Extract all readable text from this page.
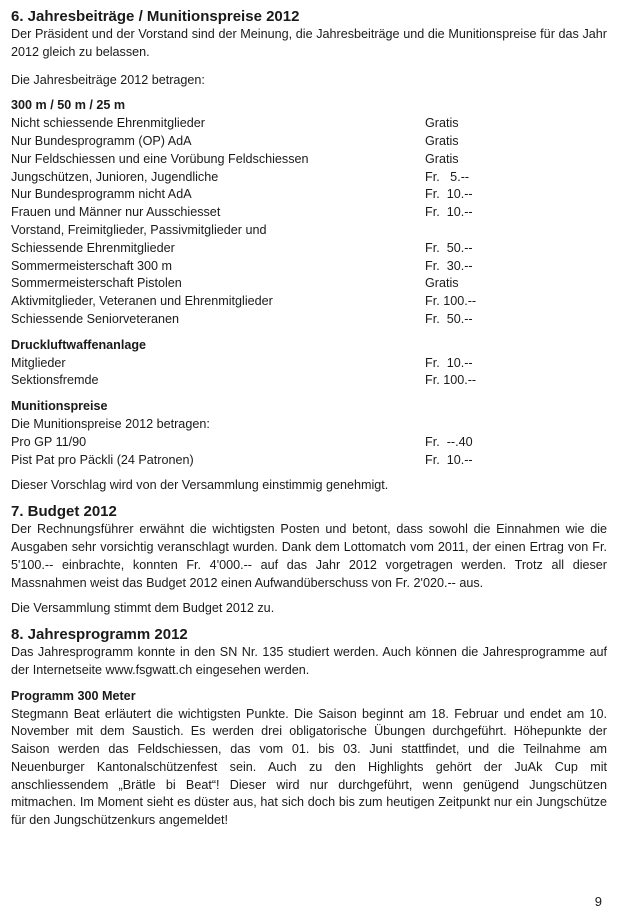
6. Jahresbeiträge / Munitionspreise 2012

Der Präsident und der Vorstand sind der Meinung, die Jahresbeiträge und die Munitionspreise für das Jahr 2012 gleich zu belassen.

Die Jahresbeiträge 2012 betragen:

300 m / 50 m / 25 m
Nicht schiessende Ehrenmitglieder	Gratis
Nur Bundesprogramm (OP) AdA	Gratis
Nur Feldschiessen und eine Vorübung Feldschiessen	Gratis
Jungschützen, Junioren, Jugendliche	Fr.   5.--
Nur Bundesprogramm nicht AdA	Fr.  10.--
Frauen und Männer nur Ausschiesset	Fr.  10.--
Vorstand, Freimitglieder, Passivmitglieder und
Schiessende Ehrenmitglieder	Fr.  50.--
Sommermeisterschaft 300 m	Fr.  30.--
Sommermeisterschaft Pistolen	Gratis
Aktivmitglieder, Veteranen und Ehrenmitglieder	Fr. 100.--
Schiessende Seniorveteranen	Fr.  50.--
Druckluftwaffenanlage
Mitglieder	Fr.  10.--
Sektionsfremde	Fr. 100.--
Munitionspreise

Die Munitionspreise 2012 betragen:

Pro GP 11/90	Fr.  --.40
Pist Pat pro Päckli (24 Patronen)	Fr.  10.--

Dieser Vorschlag wird von der Versammlung einstimmig genehmigt.

7. Budget 2012

Der Rechnungsführer erwähnt die wichtigsten Posten und betont, dass sowohl die Einnahmen wie die Ausgaben sehr vorsichtig veranschlagt wurden. Dank dem Lottomatch vom 2011, der einen Ertrag von Fr. 5'100.-- einbrachte, konnten Fr. 4'000.-- auf das Jahr 2012 vorgetragen werden. Trotz all dieser Massnahmen weist das Budget 2012 einen Aufwandüberschuss von Fr. 2'020.-- aus.

Die Versammlung stimmt dem Budget 2012 zu.

8. Jahresprogramm 2012

Das Jahresprogramm konnte in den SN Nr. 135 studiert werden. Auch können die Jahresprogramme auf der Internetseite www.fsgwatt.ch eingesehen werden.

Programm 300 Meter

Stegmann Beat erläutert die wichtigsten Punkte. Die Saison beginnt am 18. Februar und endet am 10. November mit dem Saustich. Es werden drei obligatorische Übungen durchgeführt. Höhepunkte der Saison werden das Feldschiessen, das vom 01. bis 03. Juni stattfindet, und die Teilnahme am Neuenburger Kantonalschützenfest sein. Auch zu den Highlights gehört der JuAk Cup mit anschliessendem „Brätle bi Beat“! Dieser wird nur durchgeführt, wenn genügend Jungschützen mitmachen. Im Moment sieht es düster aus, hat sich doch bis zum heutigen Zeitpunkt nur ein Jungschütze für den Jungschützenkurs angemeldet!

9
